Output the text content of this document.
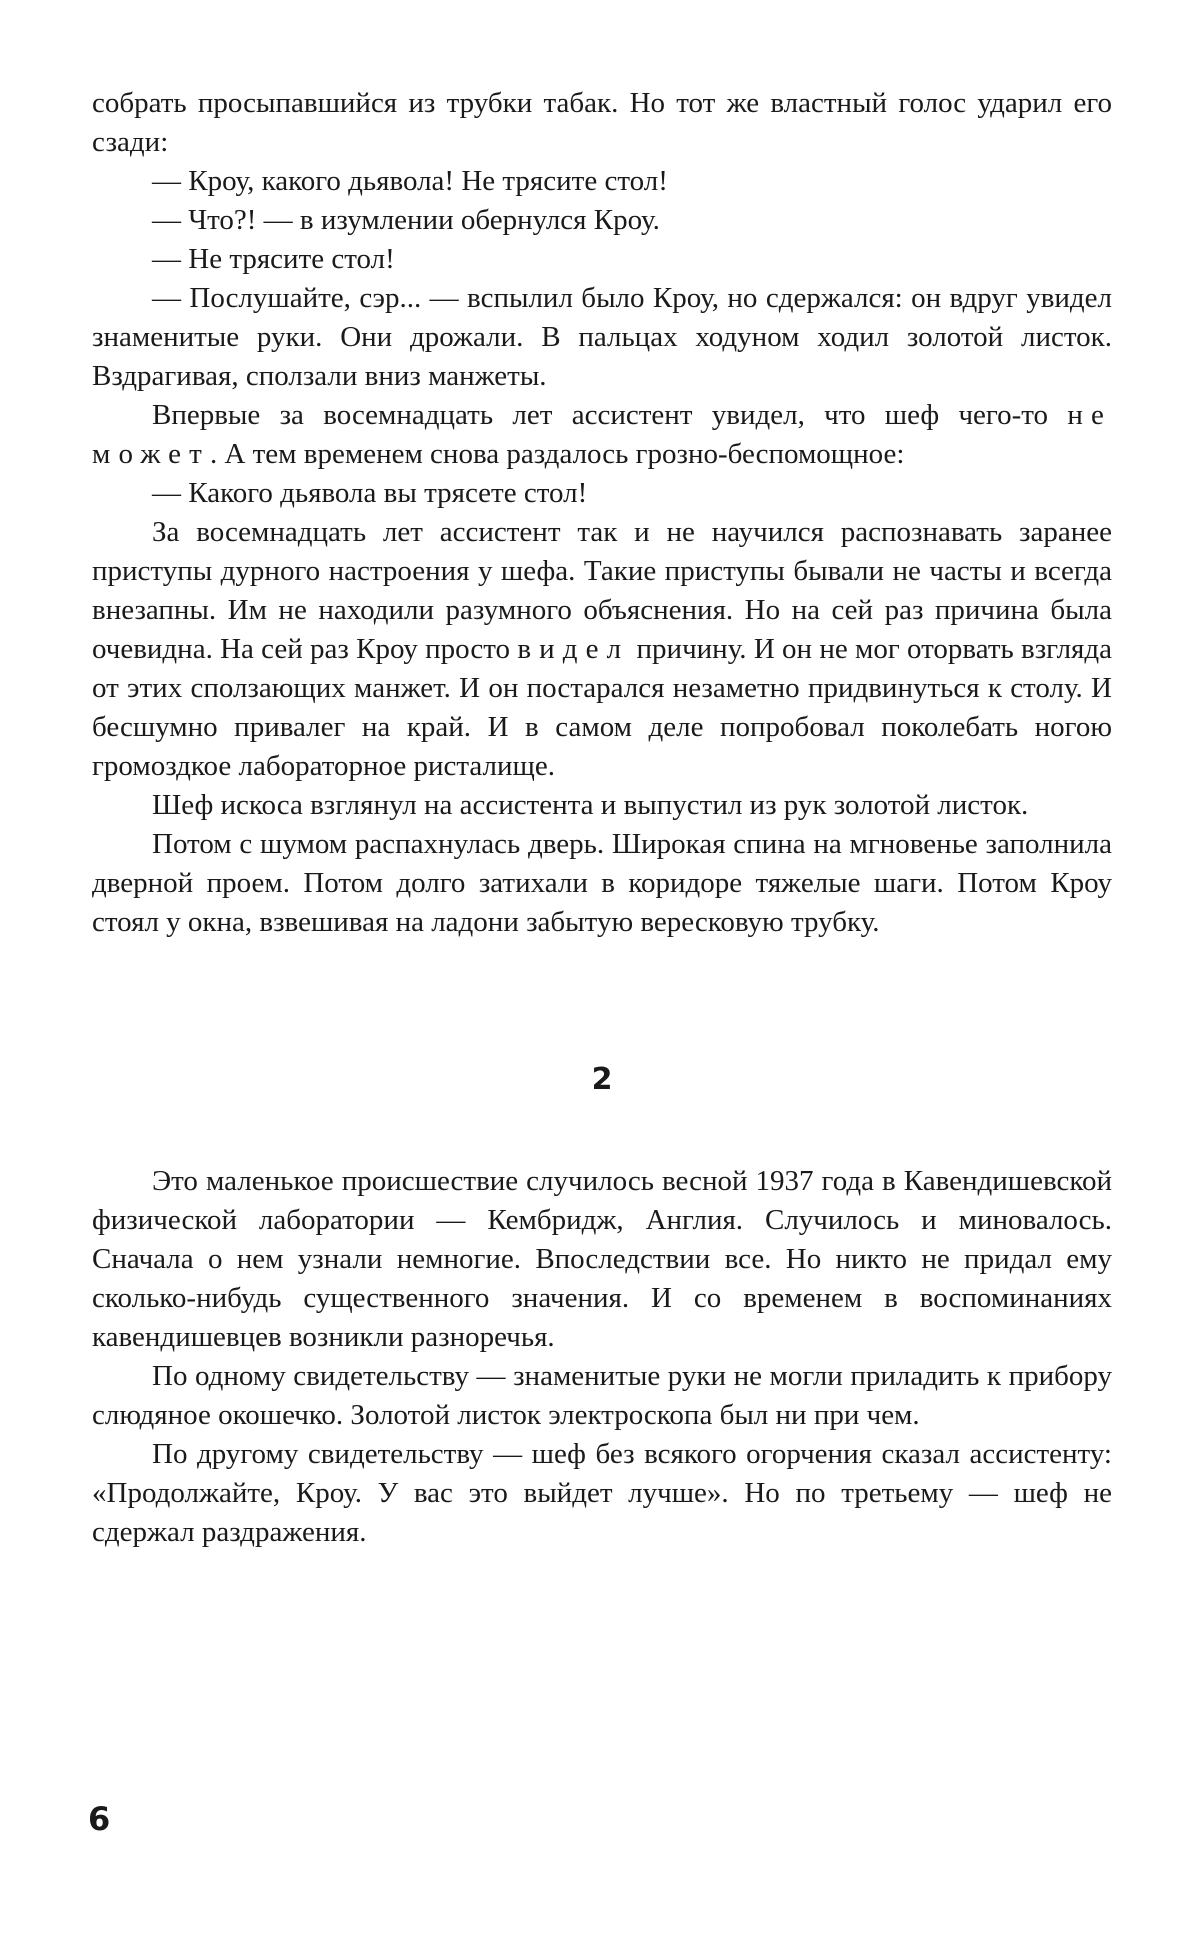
собрать просыпавшийся из трубки табак. Но тот же властный голос ударил его сзади:

— Кроу, какого дьявола! Не трясите стол!

— Что?! — в изумлении обернулся Кроу.

— Не трясите стол!

— Послушайте, сэр... — вспылил было Кроу, но сдержался: он вдруг увидел знаменитые руки. Они дрожали. В пальцах ходуном ходил золотой листок. Вздрагивая, сползали вниз манжеты.

Впервые за восемнадцать лет ассистент увидел, что шеф чего-то не может. А тем временем снова раздалось грозно-беспомощное:

— Какого дьявола вы трясете стол!

За восемнадцать лет ассистент так и не научился распознавать заранее приступы дурного настроения у шефа. Такие приступы бывали не часты и всегда внезапны. Им не находили разумного объяснения. Но на сей раз причина была очевидна. На сей раз Кроу просто видел причину. И он не мог оторвать взгляда от этих сползающих манжет. И он постарался незаметно придвинуться к столу. И бесшумно привалег на край. И в самом деле попробовал поколебать ногою громоздкое лабораторное ристалище.

Шеф искоса взглянул на ассистента и выпустил из рук золотой листок.

Потом с шумом распахнулась дверь. Широкая спина на мгновенье заполнила дверной проем. Потом долго затихали в коридоре тяжелые шаги. Потом Кроу стоял у окна, взвешивая на ладони забытую вересковую трубку.

2

Это маленькое происшествие случилось весной 1937 года в Кавендишевской физической лаборатории — Кембридж, Англия. Случилось и миновалось. Сначала о нем узнали немногие. Впоследствии все. Но никто не придал ему сколько-нибудь существенного значения. И со временем в воспоминаниях кавендишевцев возникли разноречья.

По одному свидетельству — знаменитые руки не могли приладить к прибору слюдяное окошечко. Золотой листок электроскопа был ни при чем.

По другому свидетельству — шеф без всякого огорчения сказал ассистенту: «Продолжайте, Кроу. У вас это выйдет лучше». Но по третьему — шеф не сдержал раздражения.

6
